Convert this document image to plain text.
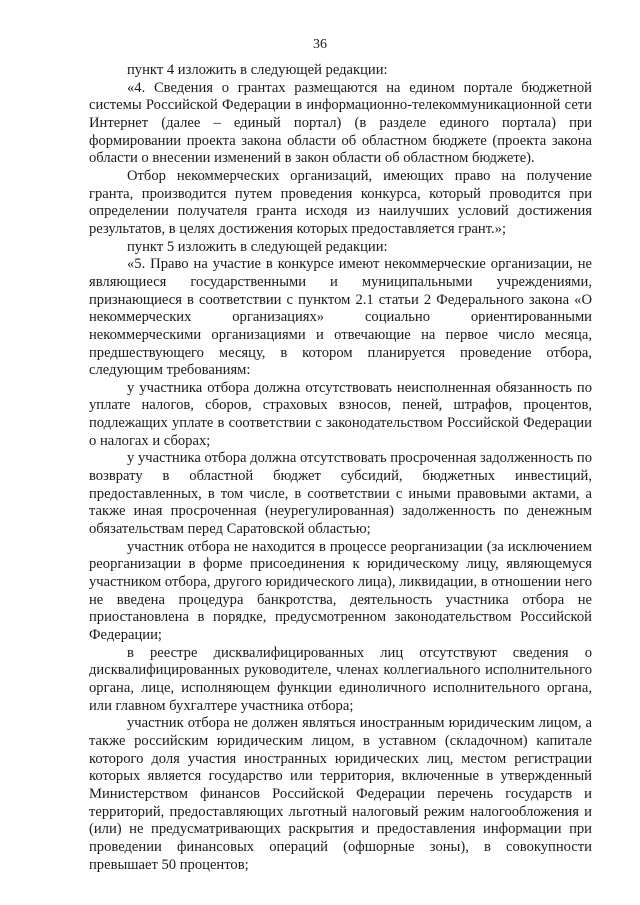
36

пункт 4 изложить в следующей редакции:

«4. Сведения о грантах размещаются на едином портале бюджетной системы Российской Федерации в информационно-телекоммуникационной сети Интернет (далее – единый портал) (в разделе единого портала) при формировании проекта закона области об областном бюджете (проекта закона области о внесении изменений в закон области об областном бюджете).

Отбор некоммерческих организаций, имеющих право на получение гранта, производится путем проведения конкурса, который проводится при определении получателя гранта исходя из наилучших условий достижения результатов, в целях достижения которых предоставляется грант.»;

пункт 5 изложить в следующей редакции:

«5. Право на участие в конкурсе имеют некоммерческие организации, не являющиеся государственными и муниципальными учреждениями, признающиеся в соответствии с пунктом 2.1 статьи 2 Федерального закона «О некоммерческих организациях» социально ориентированными некоммерческими организациями и отвечающие на первое число месяца, предшествующего месяцу, в котором планируется проведение отбора, следующим требованиям:

у участника отбора должна отсутствовать неисполненная обязанность по уплате налогов, сборов, страховых взносов, пеней, штрафов, процентов, подлежащих уплате в соответствии с законодательством Российской Федерации о налогах и сборах;

у участника отбора должна отсутствовать просроченная задолженность по возврату в областной бюджет субсидий, бюджетных инвестиций, предоставленных, в том числе, в соответствии с иными правовыми актами, а также иная просроченная (неурегулированная) задолженность по денежным обязательствам перед Саратовской областью;

участник отбора не находится в процессе реорганизации (за исключением реорганизации в форме присоединения к юридическому лицу, являющемуся участником отбора, другого юридического лица), ликвидации, в отношении него не введена процедура банкротства, деятельность участника отбора не приостановлена в порядке, предусмотренном законодательством Российской Федерации;

в реестре дисквалифицированных лиц отсутствуют сведения о дисквалифицированных руководителе, членах коллегиального исполнительного органа, лице, исполняющем функции единоличного исполнительного органа, или главном бухгалтере участника отбора;

участник отбора не должен являться иностранным юридическим лицом, а также российским юридическим лицом, в уставном (складочном) капитале которого доля участия иностранных юридических лиц, местом регистрации которых является государство или территория, включенные в утвержденный Министерством финансов Российской Федерации перечень государств и территорий, предоставляющих льготный налоговый режим налогообложения и (или) не предусматривающих раскрытия и предоставления информации при проведении финансовых операций (офшорные зоны), в совокупности превышает 50 процентов;
